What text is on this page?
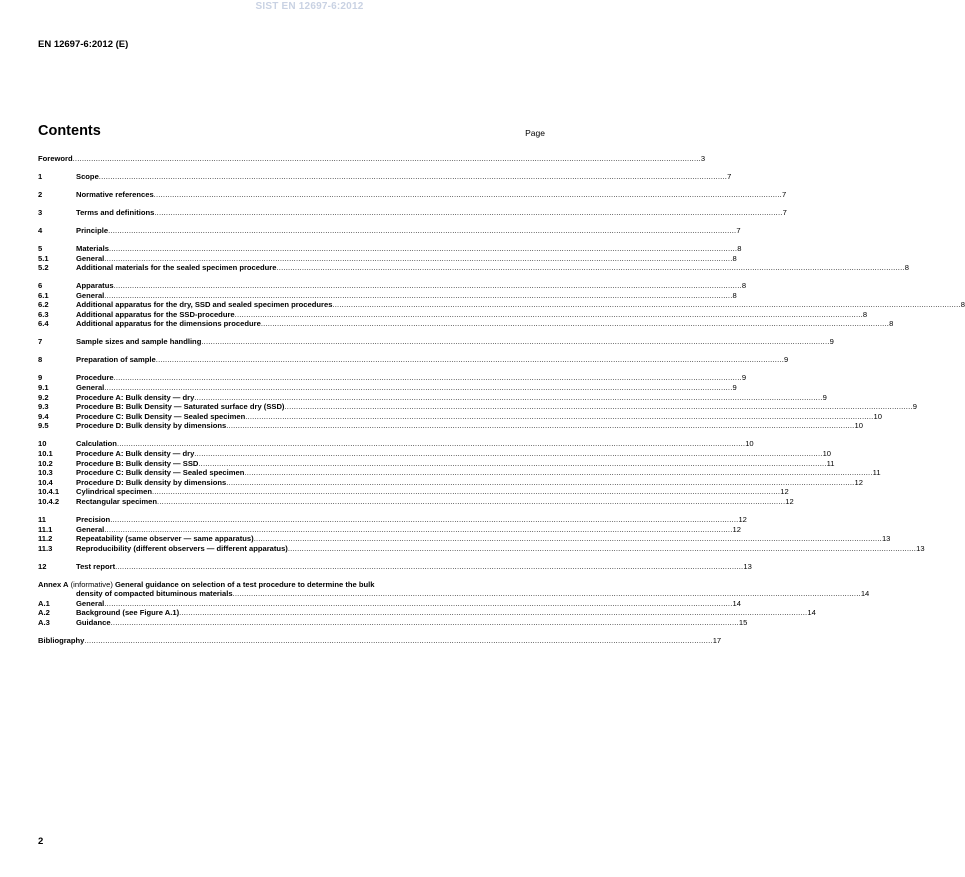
SIST EN 12697-6:2012
EN 12697-6:2012 (E)
Contents	Page
Foreword .....	3
1	Scope .....	7
2	Normative references .....	7
3	Terms and definitions .....	7
4	Principle .....	7
5	Materials .....	8
5.1	General .....	8
5.2	Additional materials for the sealed specimen procedure .....	8
6	Apparatus .....	8
6.1	General .....	8
6.2	Additional apparatus for the dry, SSD and sealed specimen procedures .....	8
6.3	Additional apparatus for the SSD-procedure .....	8
6.4	Additional apparatus for the dimensions procedure .....	8
7	Sample sizes and sample handling .....	9
8	Preparation of sample .....	9
9	Procedure .....	9
9.1	General .....	9
9.2	Procedure A: Bulk density — dry .....	9
9.3	Procedure B: Bulk Density — Saturated surface dry (SSD) .....	9
9.4	Procedure C: Bulk Density — Sealed specimen .....	10
9.5	Procedure D: Bulk density by dimensions .....	10
10	Calculation .....	10
10.1	Procedure A: Bulk density — dry .....	10
10.2	Procedure B: Bulk density — SSD .....	11
10.3	Procedure C: Bulk density — Sealed specimen .....	11
10.4	Procedure D: Bulk density by dimensions .....	12
10.4.1	Cylindrical specimen .....	12
10.4.2	Rectangular specimen .....	12
11	Precision .....	12
11.1	General .....	12
11.2	Repeatability (same observer — same apparatus) .....	13
11.3	Reproducibility (different observers — different apparatus) .....	13
12	Test report .....	13
Annex A (informative) General guidance on selection of a test procedure to determine the bulk
density of compacted bituminous materials .....	14
A.1	General .....	14
A.2	Background (see Figure A.1) .....	14
A.3	Guidance .....	15
Bibliography .....	17
2
